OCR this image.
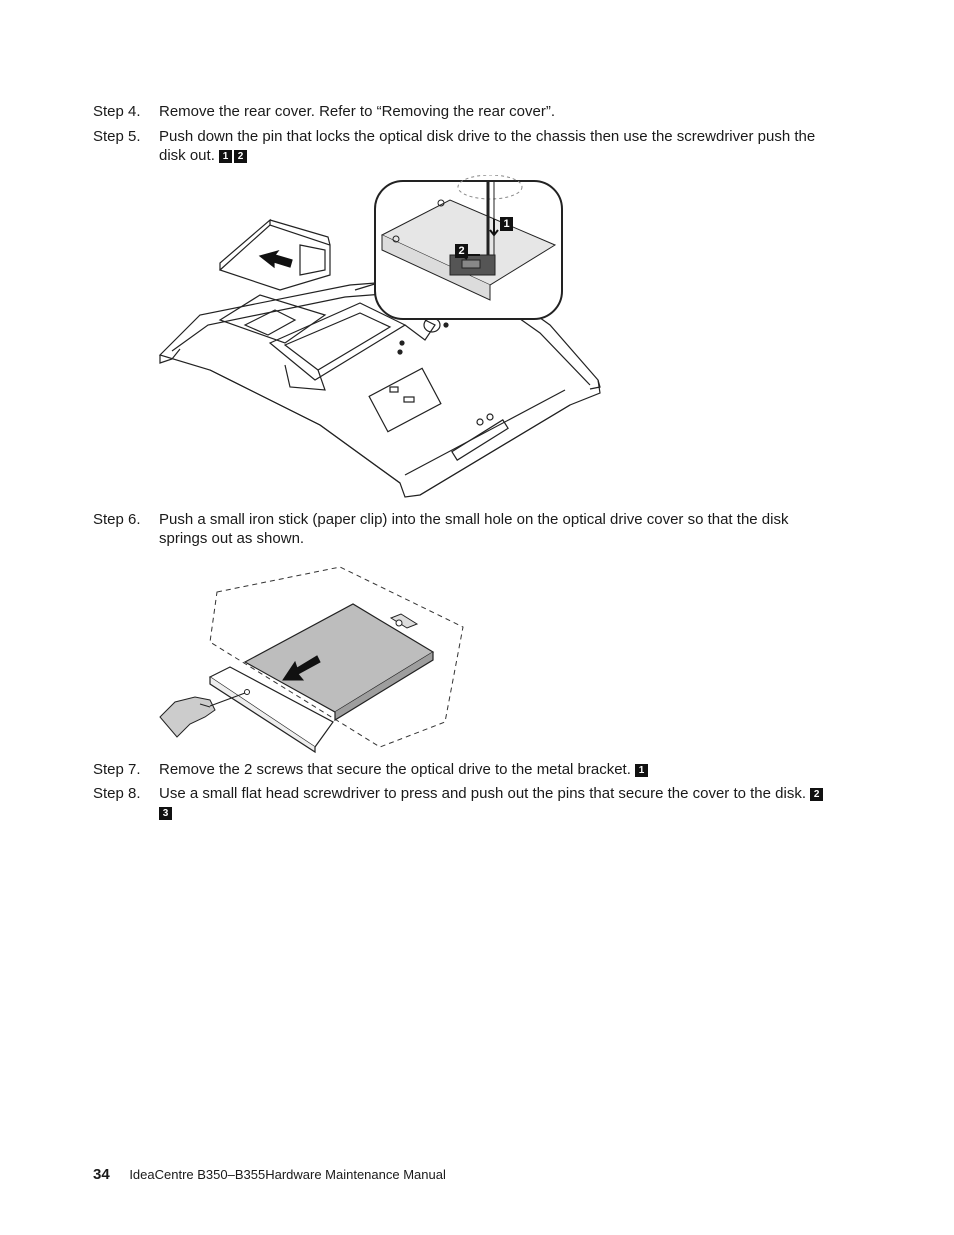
Step 4.	Remove the rear cover. Refer to “Removing the rear cover”.
Step 5.	Push down the pin that locks the optical disk drive to the chassis then use the screwdriver push the disk out. 1 2
1
2
Step 6.	Push a small iron stick (paper clip) into the small hole on the optical drive cover so that the disk springs out as shown.
Step 7.	Remove the 2 screws that secure the optical drive to the metal bracket. 1
Step 8.	Use a small flat head screwdriver to press and push out the pins that secure the cover to the disk. 23
34 IdeaCentre B350–B355Hardware Maintenance Manual
